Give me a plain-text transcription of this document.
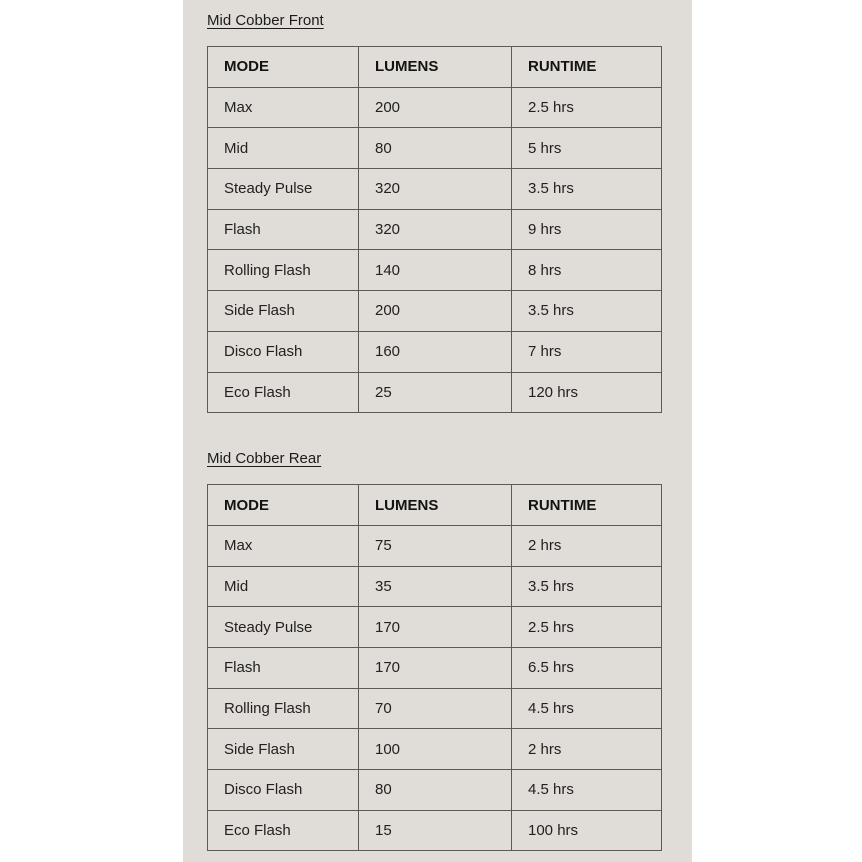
Mid Cobber Front
MODE	LUMENS	RUNTIME
Max	200	2.5 hrs
Mid	80	5 hrs
Steady Pulse	320	3.5 hrs
Flash	320	9 hrs
Rolling Flash	140	8 hrs
Side Flash	200	3.5 hrs
Disco Flash	160	7 hrs
Eco Flash	25	120 hrs
Mid Cobber Rear
MODE	LUMENS	RUNTIME
Max	75	2 hrs
Mid	35	3.5 hrs
Steady Pulse	170	2.5 hrs
Flash	170	6.5 hrs
Rolling Flash	70	4.5 hrs
Side Flash	100	2 hrs
Disco Flash	80	4.5 hrs
Eco Flash	15	100 hrs
